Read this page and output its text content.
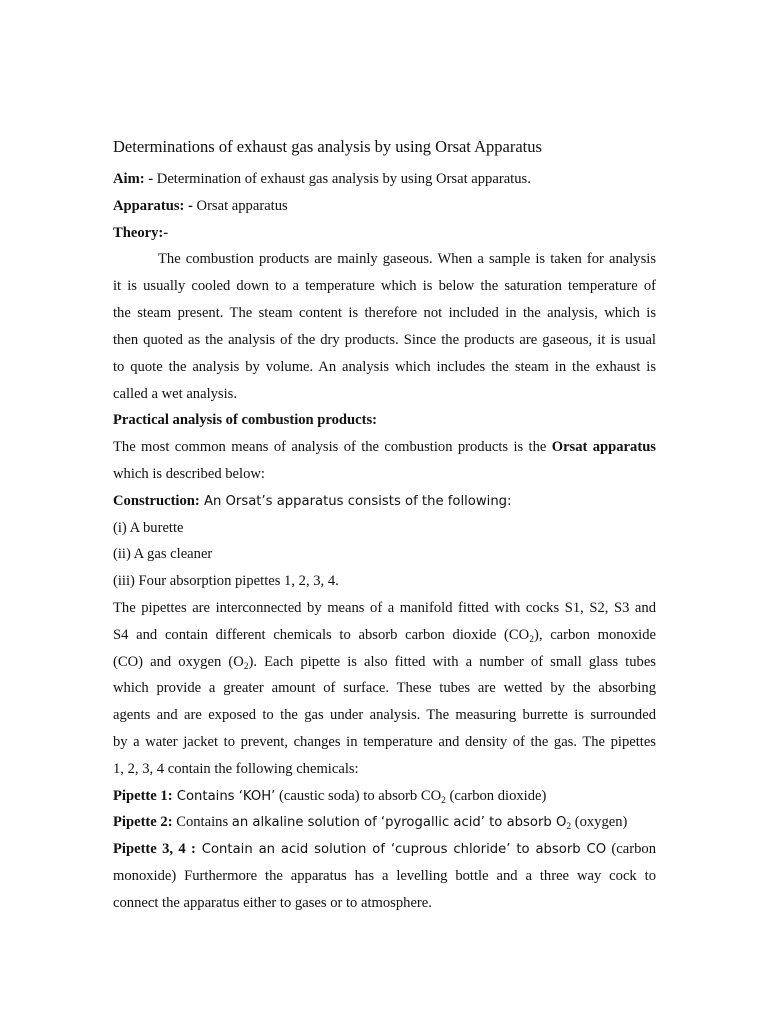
Determinations of exhaust gas analysis by using Orsat Apparatus
Aim: - Determination of exhaust gas analysis by using Orsat apparatus.
Apparatus: - Orsat apparatus
Theory:-
The combustion products are mainly gaseous. When a sample is taken for analysis
it is usually cooled down to a temperature which is below the saturation temperature of
the steam present. The steam content is therefore not included in the analysis, which is
then quoted as the analysis of the dry products. Since the products are gaseous, it is usual
to quote the analysis by volume. An analysis which includes the steam in the exhaust is
called a wet analysis.
Practical analysis of combustion products:
The most common means of analysis of the combustion products is the Orsat apparatus
which is described below:
Construction: An Orsat’s apparatus consists of the following:
(i) A burette
(ii) A gas cleaner
(iii) Four absorption pipettes 1, 2, 3, 4.
The pipettes are interconnected by means of a manifold fitted with cocks S1, S2, S3 and
S4 and contain different chemicals to absorb carbon dioxide $(CO_2)$, carbon monoxide
(CO) and oxygen $(O_2)$. Each pipette is also fitted with a number of small glass tubes
which provide a greater amount of surface. These tubes are wetted by the absorbing
agents and are exposed to the gas under analysis. The measuring burrette is surrounded
by a water jacket to prevent, changes in temperature and density of the gas. The pipettes
1, 2, 3, 4 contain the following chemicals:
Pipette 1: Contains ‘KOH’ (caustic soda) to absorb $CO_2$ (carbon dioxide)
Pipette 2: Contains an alkaline solution of ‘pyrogallic acid’ to absorb $O_2$ (oxygen)
Pipette 3, 4 : Contain an acid solution of ‘cuprous chloride’ to absorb CO (carbon
monoxide) Furthermore the apparatus has a levelling bottle and a three way cock to
connect the apparatus either to gases or to atmosphere.
